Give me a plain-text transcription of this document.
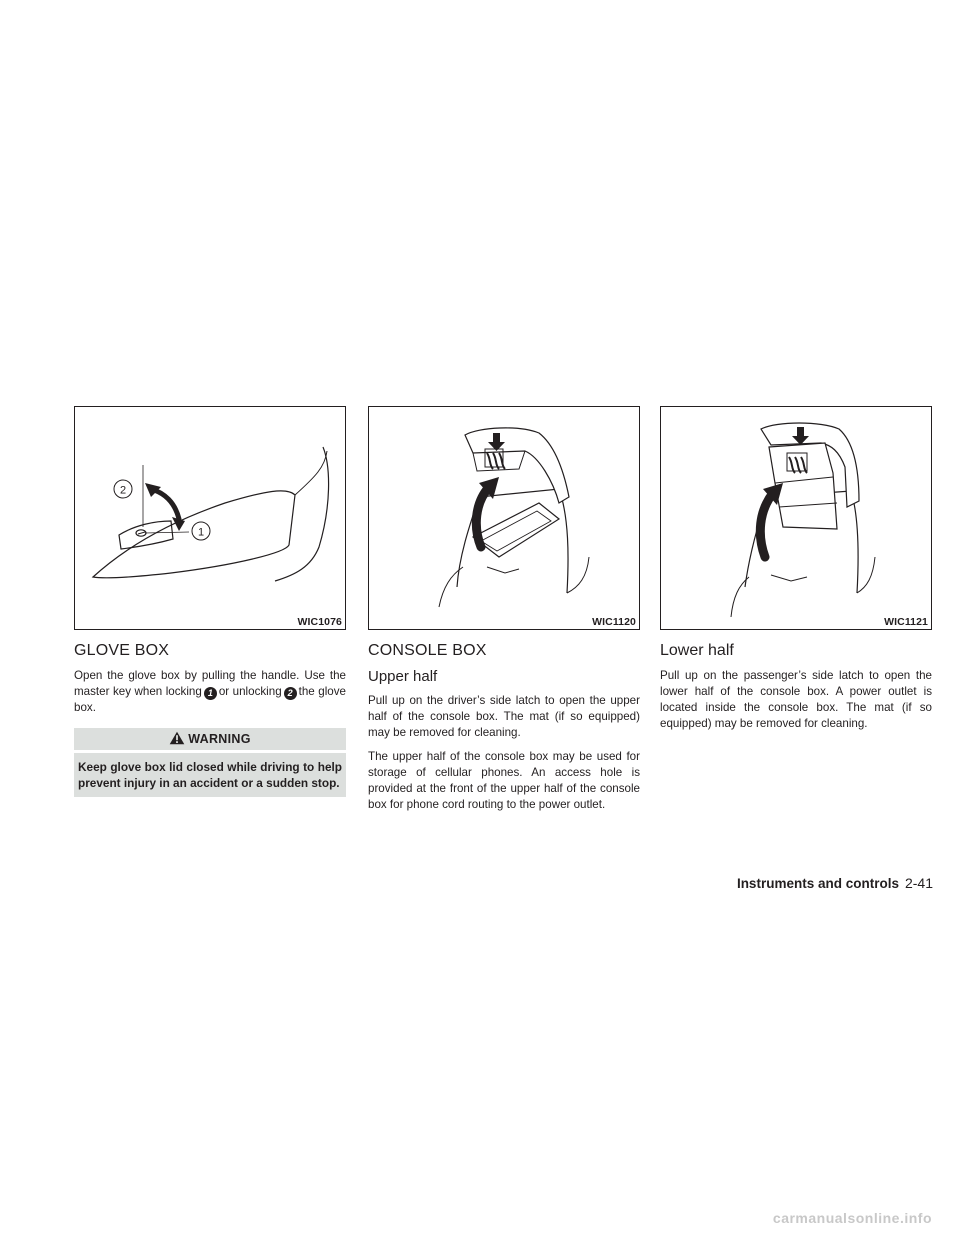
2
1
WIC1076
GLOVE BOX

Open the glove box by pulling the handle. Use the master key when locking 1 or unlocking 2 the glove box.

WARNING
Keep glove box lid closed while driving to help prevent injury in an accident or a sudden stop.
WIC1120
CONSOLE BOX
Upper half

Pull up on the driver’s side latch to open the upper half of the console box. The mat (if so equipped) may be removed for cleaning.

The upper half of the console box may be used for storage of cellular phones. An access hole is provided at the front of the upper half of the console box for phone cord routing to the power outlet.

WIC1121
Lower half

Pull up on the passenger’s side latch to open the lower half of the console box. A power outlet is located inside the console box. The mat (if so equipped) may be removed for cleaning.

Instruments and controls 2-41
carmanualsonline.info
